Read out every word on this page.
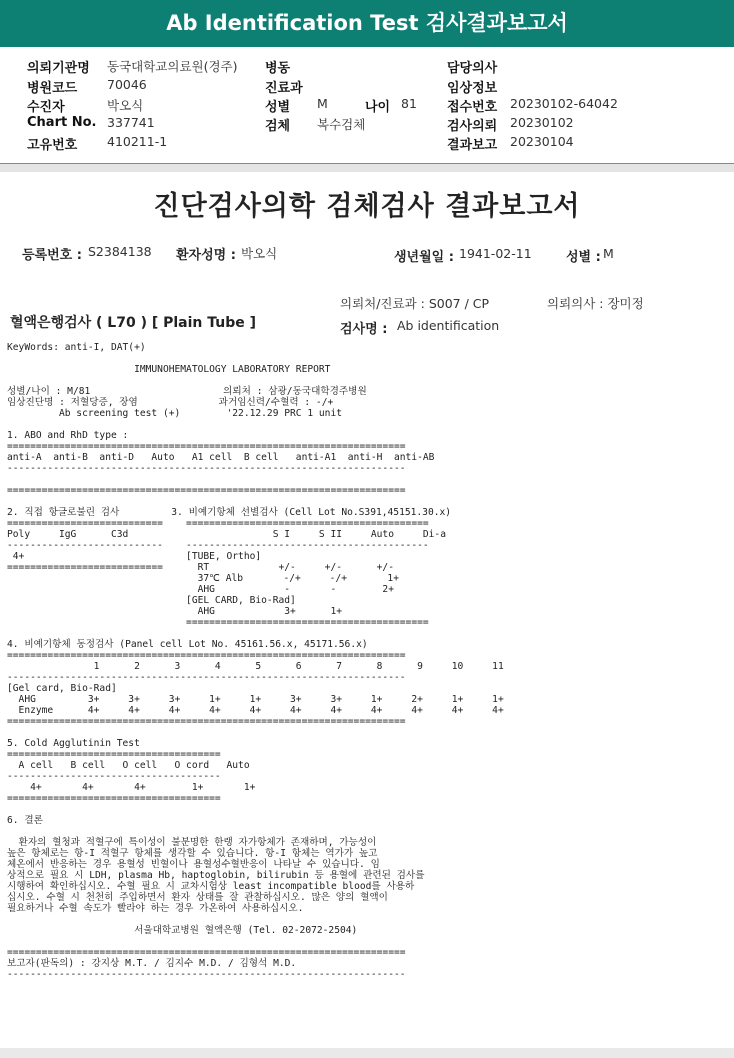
Ab Identification Test 검사결과보고서
의뢰기관명 동국대학교의료원(경주)
병원코드 70046
수진자	박오식
Chart No. 337741
고유번호 410211-1
병동
진료과
성별 M	나이 81
검체 복수검체
담당의사
임상정보
접수번호 20230102-64042
검사의뢰 20230102
결과보고 20230104
진단검사의학 검체검사 결과보고서
등록번호 : S2384138 환자성명 : 박오식	생년월일 : 1941-02-11	성별 : M
의뢰처/진료과 : S007 / CP	의뢰의사 : 장미정
혈액은행검사 ( L70 ) [ Plain Tube ]	검사명 : Ab identification
KeyWords: anti-I, DAT(+)

IMMUNOHEMATOLOGY LABORATORY REPORT

성별/나이 : M/81                       의뢰처 : 삼광/동국대학경주병원
임상진단명 : 저혈당증, 장염              과거임신력/수혈력 : -/+
Ab screening test (+)        '22.12.29 PRC 1 unit

1. ABO and RhD type :
=====================================================================
anti-A  anti-B  anti-D   Auto   A1 cell  B cell   anti-A1  anti-H  anti-AB
---------------------------------------------------------------------

=====================================================================

2. 직접 항글로불린 검사         3. 비예기항체 선별검사 (Cell Lot No.S391,45151.30.x)
===========================    ==========================================
Poly     IgG      C3d                         S I     S II     Auto     Di-a
---------------------------    ------------------------------------------
4+                            [TUBE, Ortho]
===========================      RT            +/-     +/-      +/-
37℃ Alb       -/+     -/+       1+
AHG            -       -        2+
[GEL CARD, Bio-Rad]
AHG            3+      1+
==========================================

4. 비예기항체 동정검사 (Panel cell Lot No. 45161.56.x, 45171.56.x)
=====================================================================
1      2      3      4      5      6      7      8      9     10     11
---------------------------------------------------------------------
[Gel card, Bio-Rad]
AHG         3+     3+     3+     1+     1+     3+     3+     1+     2+     1+     1+
Enzyme      4+     4+     4+     4+     4+     4+     4+     4+     4+     4+     4+
=====================================================================

5. Cold Agglutinin Test
=====================================
A cell   B cell   O cell   O cord   Auto
-------------------------------------
4+       4+       4+        1+       1+
=====================================

6. 결론

환자의 혈청과 적혈구에 특이성이 불분명한 한랭 자가항체가 존재하며, 가능성이
높은 항체로는 항-I 적혈구 항체를 생각할 수 있습니다. 항-I 항체는 역가가 높고
체온에서 반응하는 경우 용혈성 빈혈이나 용혈성수혈반응이 나타날 수 있습니다. 임
상적으로 필요 시 LDH, plasma Hb, haptoglobin, bilirubin 등 용혈에 관련된 검사를
시행하여 확인하십시오. 수혈 필요 시 교차시험상 least incompatible blood를 사용하
십시오. 수혈 시 천천히 주입하면서 환자 상태를 잘 관찰하십시오. 많은 양의 혈액이
필요하거나 수혈 속도가 빨라야 하는 경우 가온하여 사용하십시오.

서울대학교병원 혈액은행 (Tel. 02-2072-2504)

=====================================================================
보고자(판독의) : 강지상 M.T. / 김지수 M.D. / 김형석 M.D.
---------------------------------------------------------------------
